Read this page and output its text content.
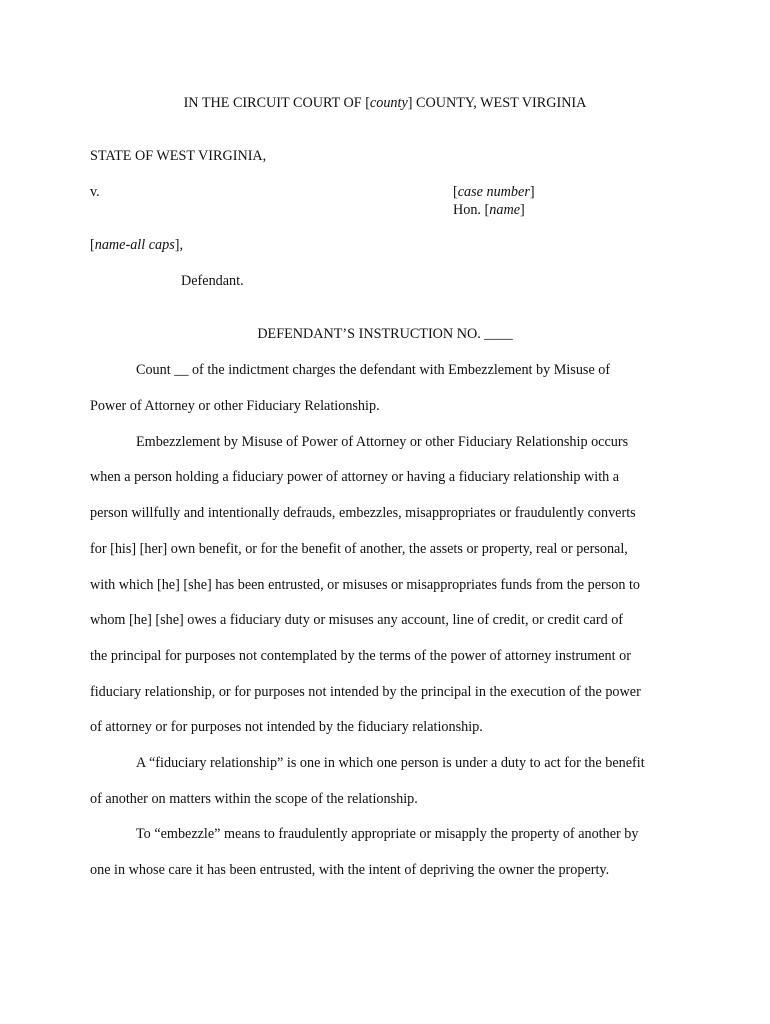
IN THE CIRCUIT COURT OF [county] COUNTY, WEST VIRGINIA
STATE OF WEST VIRGINIA,
v.	[case number]
Hon. [name]
[name-all caps],
Defendant.
DEFENDANT’S INSTRUCTION NO. ____
Count __ of the indictment charges the defendant with Embezzlement by Misuse of
Power of Attorney or other Fiduciary Relationship.
Embezzlement by Misuse of Power of Attorney or other Fiduciary Relationship occurs
when a person holding a fiduciary power of attorney or having a fiduciary relationship with a
person willfully and intentionally defrauds, embezzles, misappropriates or fraudulently converts
for [his] [her] own benefit, or for the benefit of another, the assets or property, real or personal,
with which [he] [she] has been entrusted, or misuses or misappropriates funds from the person to
whom [he] [she] owes a fiduciary duty or misuses any account, line of credit, or credit card of
the principal for purposes not contemplated by the terms of the power of attorney instrument or
fiduciary relationship, or for purposes not intended by the principal in the execution of the power
of attorney or for purposes not intended by the fiduciary relationship.
A “fiduciary relationship” is one in which one person is under a duty to act for the benefit
of another on matters within the scope of the relationship.
To “embezzle” means to fraudulently appropriate or misapply the property of another by
one in whose care it has been entrusted, with the intent of depriving the owner the property.
